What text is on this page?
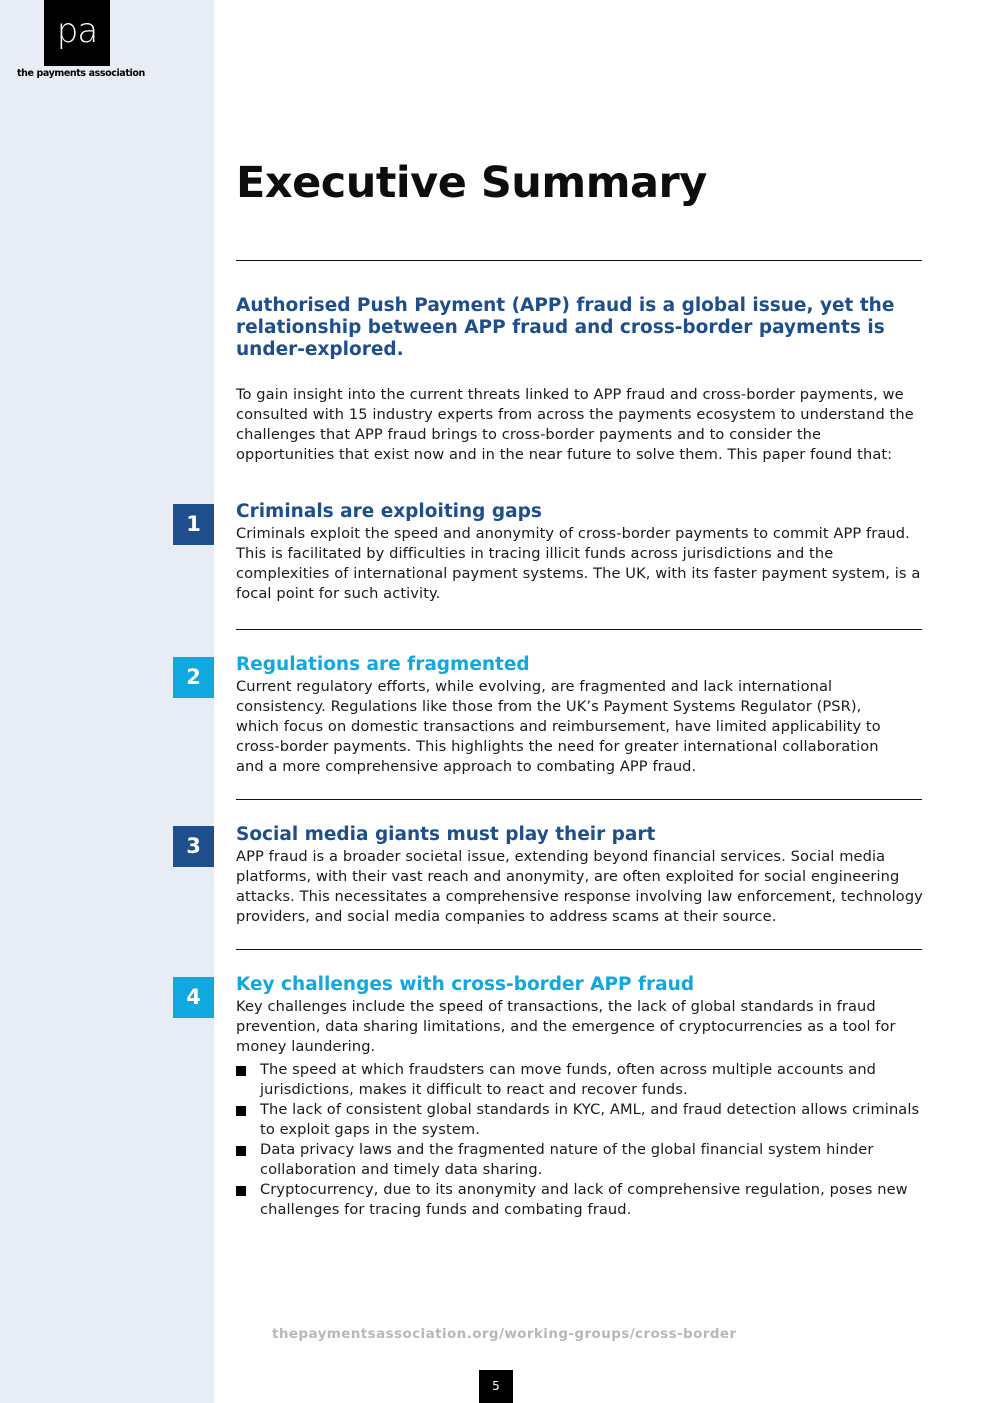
pa
the payments association
Executive Summary

Authorised Push Payment (APP) fraud is a global issue, yet the relationship between APP fraud and cross-border payments is under-explored.

To gain insight into the current threats linked to APP fraud and cross-border payments, we consulted with 15 industry experts from across the payments ecosystem to understand the challenges that APP fraud brings to cross-border payments and to consider the opportunities that exist now and in the near future to solve them. This paper found that:

1
Criminals are exploiting gaps

Criminals exploit the speed and anonymity of cross-border payments to commit APP fraud. This is facilitated by difficulties in tracing illicit funds across jurisdictions and the complexities of international payment systems. The UK, with its faster payment system, is a focal point for such activity.

2
Regulations are fragmented

Current regulatory efforts, while evolving, are fragmented and lack international consistency. Regulations like those from the UK’s Payment Systems Regulator (PSR), which focus on domestic transactions and reimbursement, have limited applicability to cross-border payments. This highlights the need for greater international collaboration and a more comprehensive approach to combating APP fraud.

3	Social media giants must play their part

APP fraud is a broader societal issue, extending beyond financial services. Social media platforms, with their vast reach and anonymity, are often exploited for social engineering attacks. This necessitates a comprehensive response involving law enforcement, technology providers, and social media companies to address scams at their source.

4
Key challenges with cross-border APP fraud

Key challenges include the speed of transactions, the lack of global standards in fraud prevention, data sharing limitations, and the emergence of cryptocurrencies as a tool for money laundering.

The speed at which fraudsters can move funds, often across multiple accounts and jurisdictions, makes it difficult to react and recover funds.
The lack of consistent global standards in KYC, AML, and fraud detection allows criminals to exploit gaps in the system.
Data privacy laws and the fragmented nature of the global financial system hinder collaboration and timely data sharing.
Cryptocurrency, due to its anonymity and lack of comprehensive regulation, poses new challenges for tracing funds and combating fraud.
thepaymentsassociation.org/working-groups/cross-border
5
